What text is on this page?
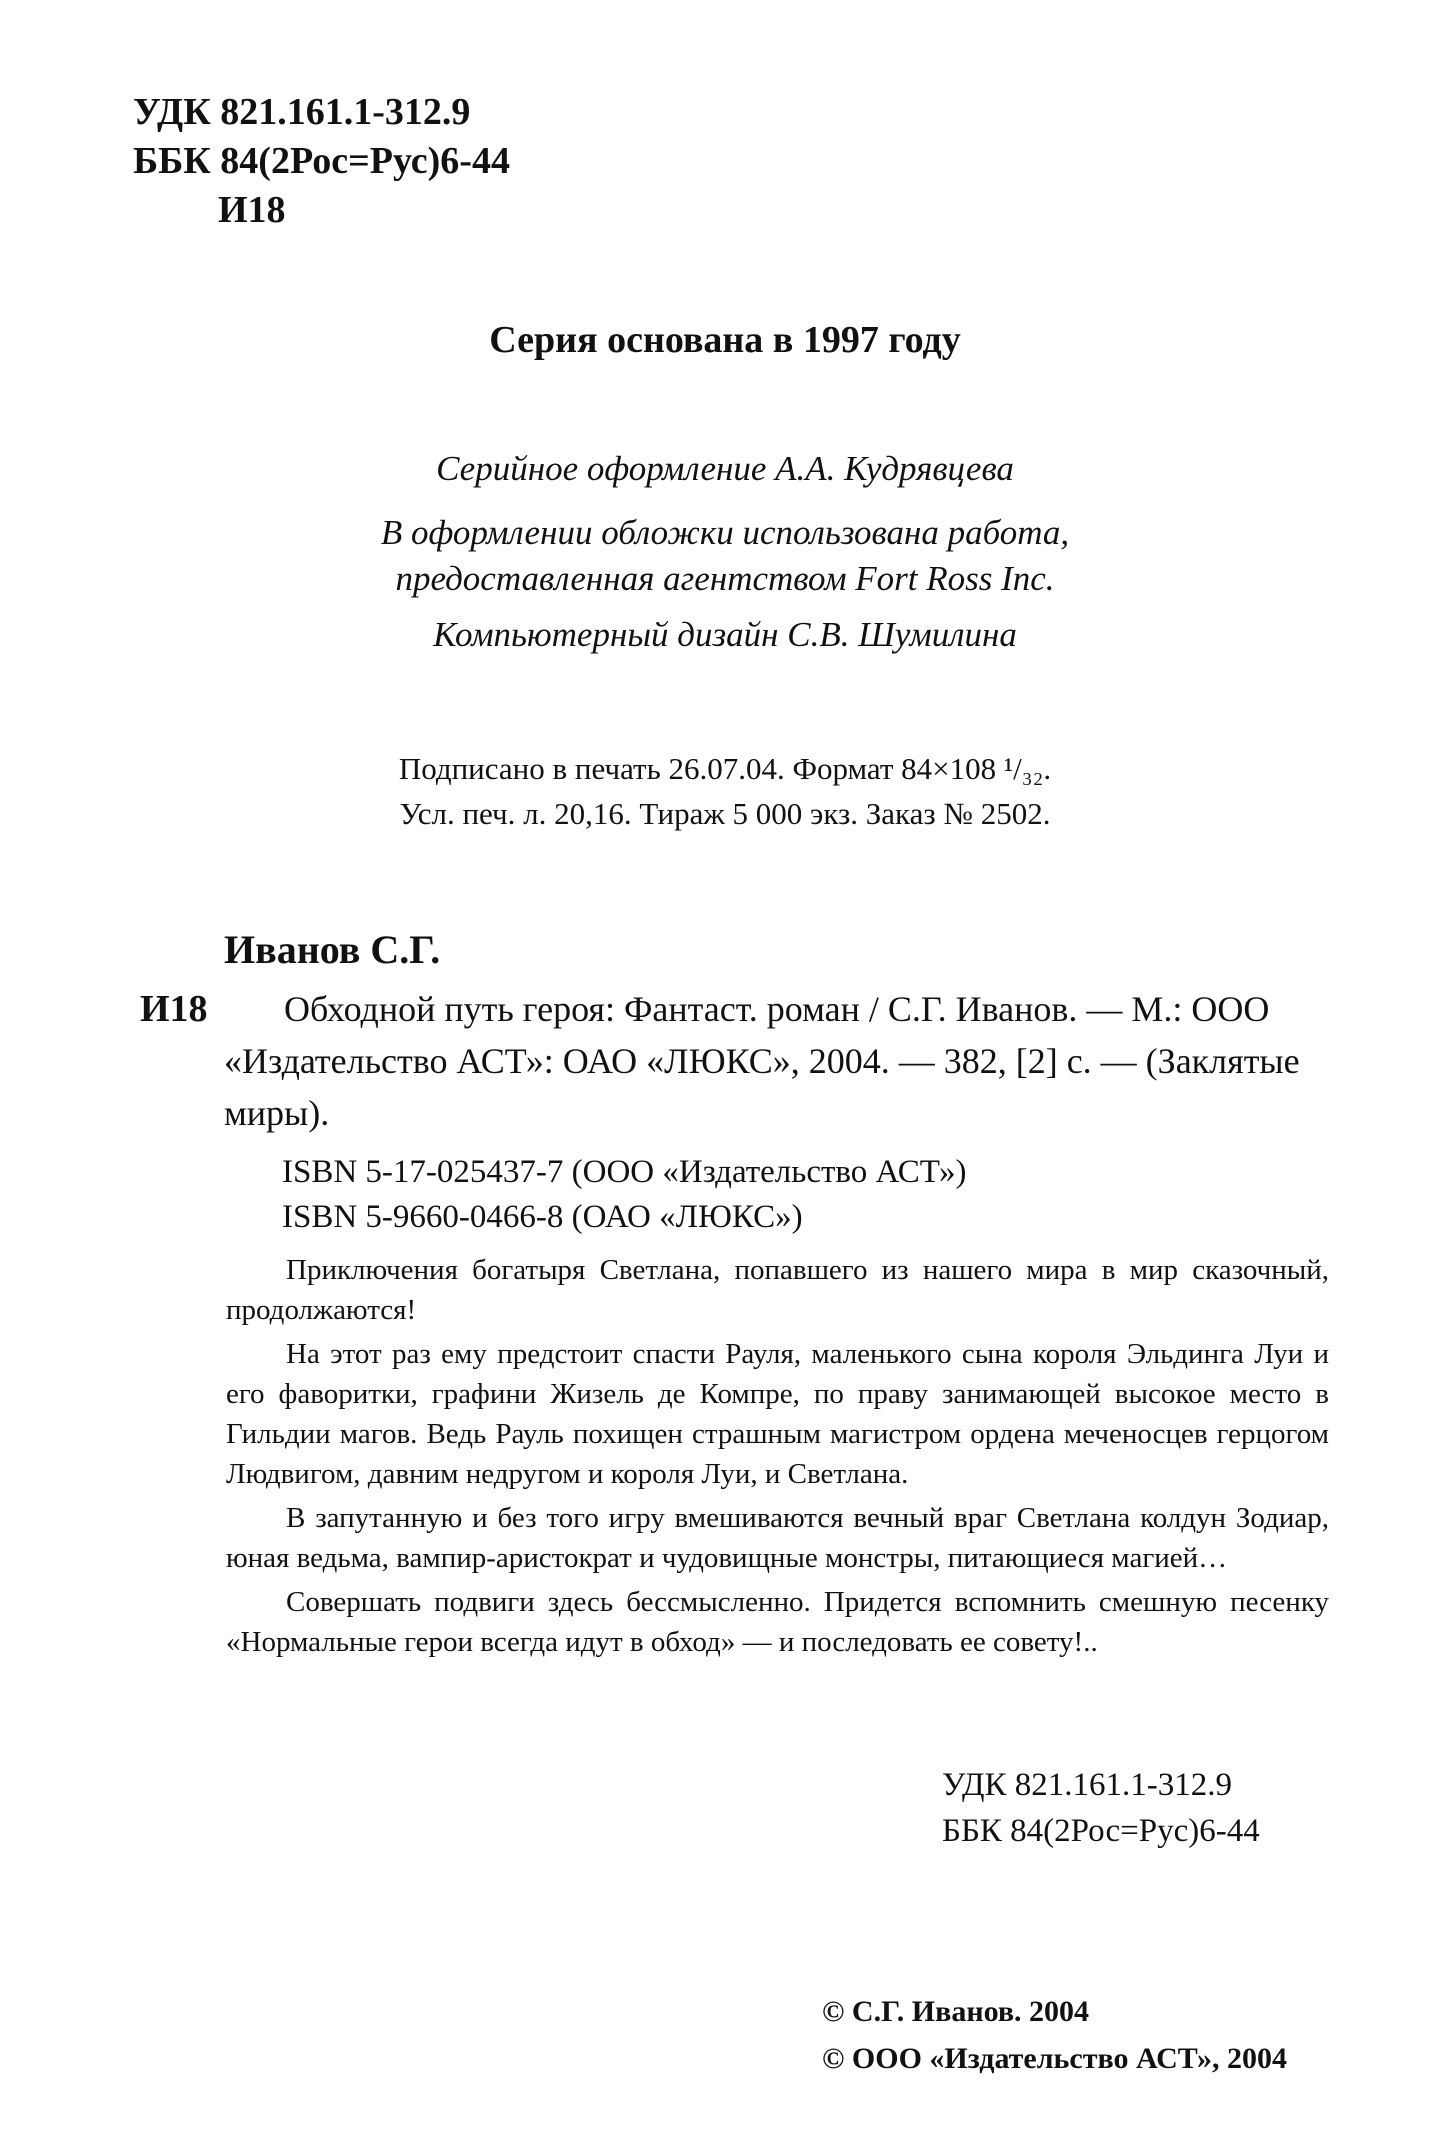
УДК 821.161.1-312.9
ББК 84(2Рос=Рус)6-44
И18
Серия основана в 1997 году
Серийное оформление А.А. Кудрявцева
В оформлении обложки использована работа,
предоставленная агентством Fort Ross Inc.
Компьютерный дизайн С.В. Шумилина
Подписано в печать 26.07.04. Формат 84×108 ¹/₃₂.
Усл. печ. л. 20,16. Тираж 5 000 экз. Заказ № 2502.
Иванов С.Г.
И18	Обходной путь героя: Фантаст. роман / С.Г. Иванов. — М.: ООО «Издательство АСТ»: ОАО «ЛЮКС», 2004. — 382, [2] с. — (Заклятые миры).
ISBN 5-17-025437-7 (ООО «Издательство АСТ»)
ISBN 5-9660-0466-8 (ОАО «ЛЮКС»)

Приключения богатыря Светлана, попавшего из нашего мира в мир сказочный, продолжаются!

На этот раз ему предстоит спасти Рауля, маленького сына короля Эльдинга Луи и его фаворитки, графини Жизель де Компре, по праву занимающей высокое место в Гильдии магов. Ведь Рауль похищен страшным магистром ордена меченосцев герцогом Людвигом, давним недругом и короля Луи, и Светлана.

В запутанную и без того игру вмешиваются вечный враг Светлана колдун Зодиар, юная ведьма, вампир-аристократ и чудовищные монстры, питающиеся магией…

Совершать подвиги здесь бессмысленно. Придется вспомнить смешную песенку «Нормальные герои всегда идут в обход» — и последовать ее совету!..

УДК 821.161.1-312.9
ББК 84(2Рос=Рус)6-44
© С.Г. Иванов. 2004
© ООО «Издательство АСТ», 2004
